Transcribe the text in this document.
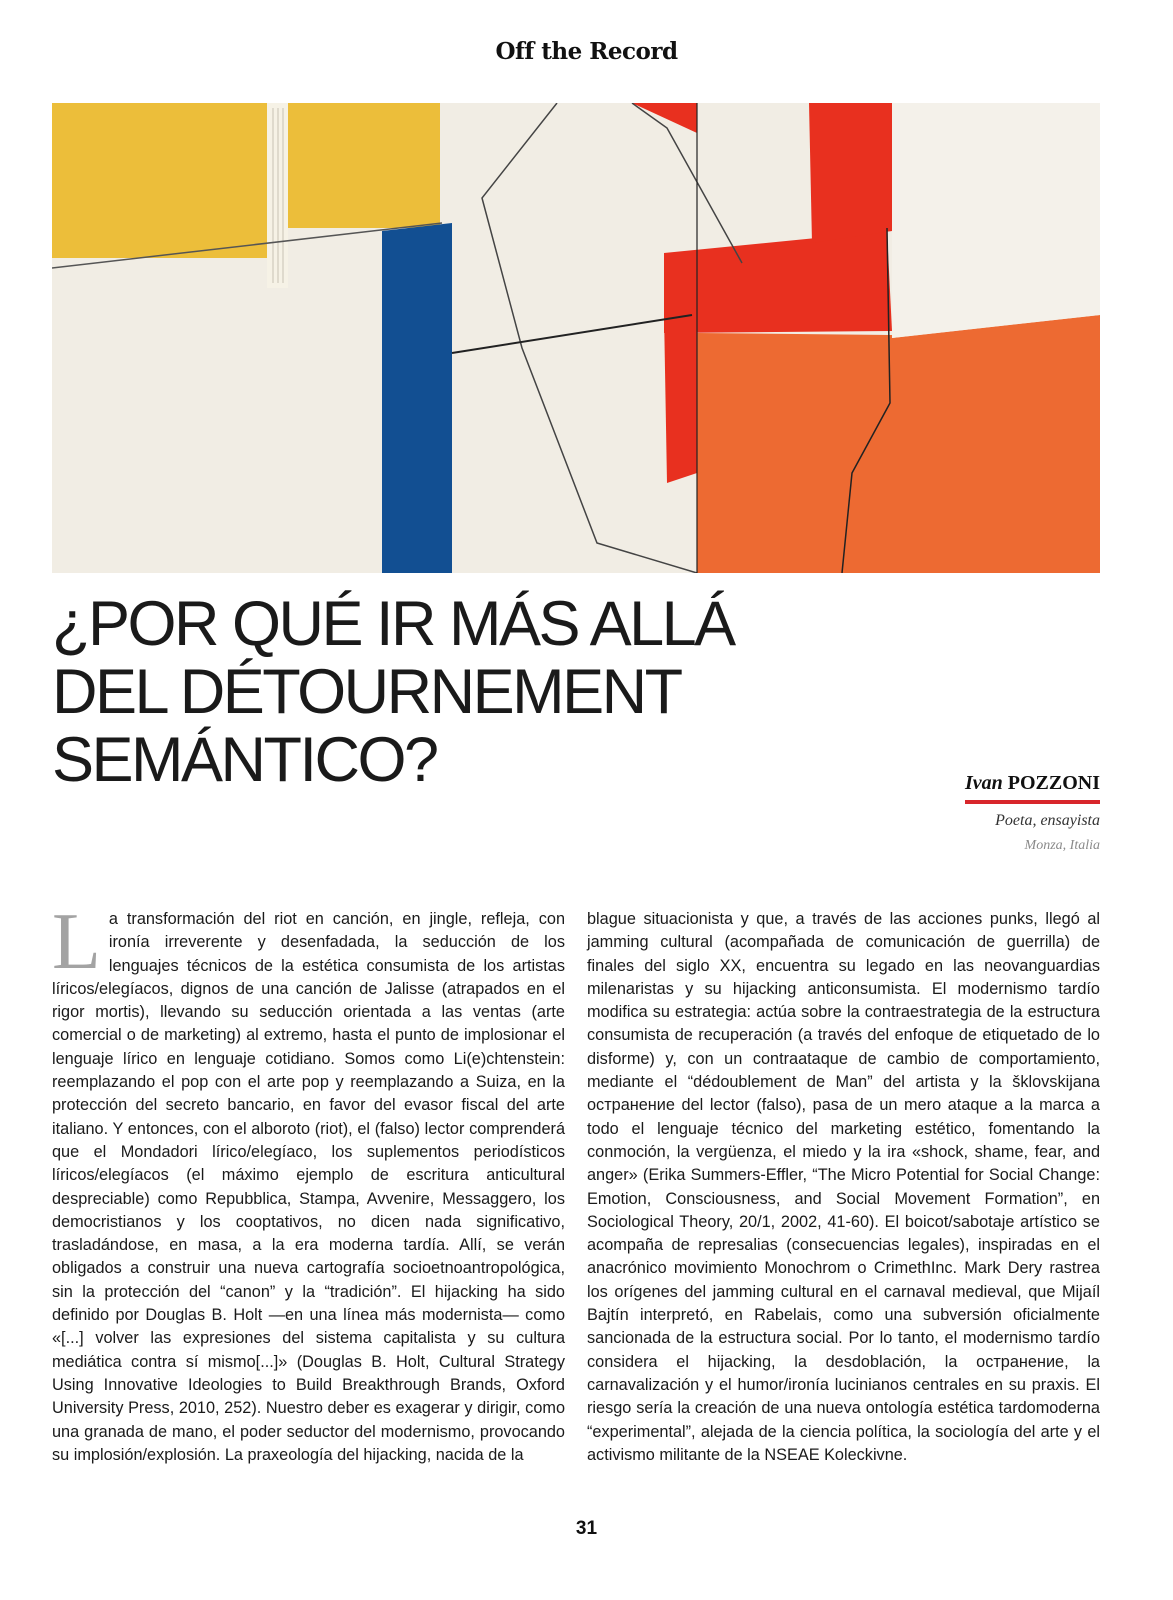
Off the Record
¿POR QUÉ IR MÁS ALLÁ
DEL DÉTOURNEMENT
SEMÁNTICO?	Ivan POZZONI
Poeta, ensayista
Monza, Italia

La transformación del riot en canción, en jingle, refleja, con ironía irreverente y desenfadada, la seducción de los lenguajes técnicos de la estética consumista de los artistas líricos/elegíacos, dignos de una canción de Jalisse (atrapados en el rigor mortis), llevando su seducción orientada a las ventas (arte comercial o de marketing) al extremo, hasta el punto de implosionar el lenguaje lírico en lenguaje cotidiano. Somos como Li(e)chtenstein: reemplazando el pop con el arte pop y reemplazando a Suiza, en la protección del secreto bancario, en favor del evasor fiscal del arte italiano. Y entonces, con el alboroto (riot), el (falso) lector comprenderá que el Mondadori lírico/elegíaco, los suplementos periodísticos líricos/elegíacos (el máximo ejemplo de escritura anticultural despreciable) como Repubblica, Stampa, Avvenire, Messaggero, los democristianos y los cooptativos, no dicen nada significativo, trasladándose, en masa, a la era moderna tardía. Allí, se verán obligados a construir una nueva cartografía socioetnoantropológica, sin la protección del “canon” y la “tradición”. El hijacking ha sido definido por Douglas B. Holt —en una línea más modernista— como «[...] volver las expresiones del sistema capitalista y su cultura mediática contra sí mismo[...]» (Douglas B. Holt, Cultural Strategy Using Innovative Ideologies to Build Breakthrough Brands, Oxford University Press, 2010, 252). Nuestro deber es exagerar y dirigir, como una granada de mano, el poder seductor del modernismo, provocando su implosión/explosión. La praxeología del hijacking, nacida de la

blague situacionista y que, a través de las acciones punks, llegó al jamming cultural (acompañada de comunicación de guerrilla) de finales del siglo XX, encuentra su legado en las neovanguardias milenaristas y su hijacking anticonsumista. El modernismo tardío modifica su estrategia: actúa sobre la contraestrategia de la estructura consumista de recuperación (a través del enfoque de etiquetado de lo disforme) y, con un contraataque de cambio de comportamiento, mediante el “dédoublement de Man” del artista y la šklovskijana остранение del lector (falso), pasa de un mero ataque a la marca a todo el lenguaje técnico del marketing estético, fomentando la conmoción, la vergüenza, el miedo y la ira «shock, shame, fear, and anger» (Erika Summers-Effler, “The Micro Potential for Social Change: Emotion, Consciousness, and Social Movement Formation”, en Sociological Theory, 20/1, 2002, 41-60). El boicot/sabotaje artístico se acompaña de represalias (consecuencias legales), inspiradas en el anacrónico movimiento Monochrom o CrimethInc. Mark Dery rastrea los orígenes del jamming cultural en el carnaval medieval, que Mijaíl Bajtín interpretó, en Rabelais, como una subversión oficialmente sancionada de la estructura social. Por lo tanto, el modernismo tardío considera el hijacking, la desdoblación, la остранение, la carnavalización y el humor/ironía lucinianos centrales en su praxis. El riesgo sería la creación de una nueva ontología estética tardomoderna “experimental”, alejada de la ciencia política, la sociología del arte y el activismo militante de la NSEAE Koleckivne.

31
